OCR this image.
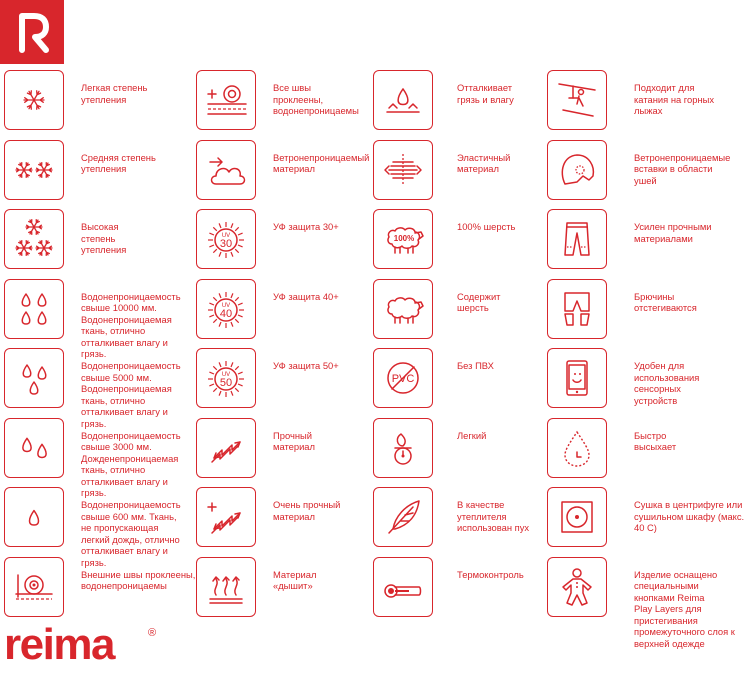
Легкая степень
утепления
Средняя степень
утепления
Высокая
степень
утепления
Водонепроницаемость
свыше 10000 мм.
Водонепроницаемая
ткань, отлично
отталкивает влагу и
грязь.
Водонепроницаемость
свыше 5000 мм.
Водонепроницаемая
ткань, отлично
отталкивает влагу и
грязь.
Водонепроницаемость
свыше 3000 мм.
Дожденепроницаемая
ткань, отлично
отталкивает влагу и
грязь.
Водонепроницаемость
свыше 600 мм. Ткань,
не пропускающая
легкий дождь, отлично
отталкивает влагу и
грязь.
Внешние швы проклеены,
водонепроницаемы
Все швы
проклеены,
водонепроницаемы
Ветронепроницаемый
материал
UV
30
УФ защита 30+
UV
40
УФ защита 40+
UV
50
УФ защита 50+
Прочный
материал
Очень прочный
материал
Материал
«дышит»
Отталкивает
грязь и влагу
Эластичный
материал
100%
100% шерсть
Содержит
шерсть
PVC
Без ПВХ
Легкий
В качестве
утеплителя
использован пух
Термоконтроль
Подходит для
катания на горных
лыжах
Ветронепроницаемые
вставки в области
ушей
Усилен прочными
материалами
Брючины
отстегиваются
Удобен для
использования
сенсорных
устройств
Быстро
высыхает
Сушка в центрифуге или
сушильном шкафу (макс.
40 С)
Изделие оснащено
специальными
кнопками Reima
Play Layers для
пристегивания
промежуточного слоя к
верхней одежде
reima	®
